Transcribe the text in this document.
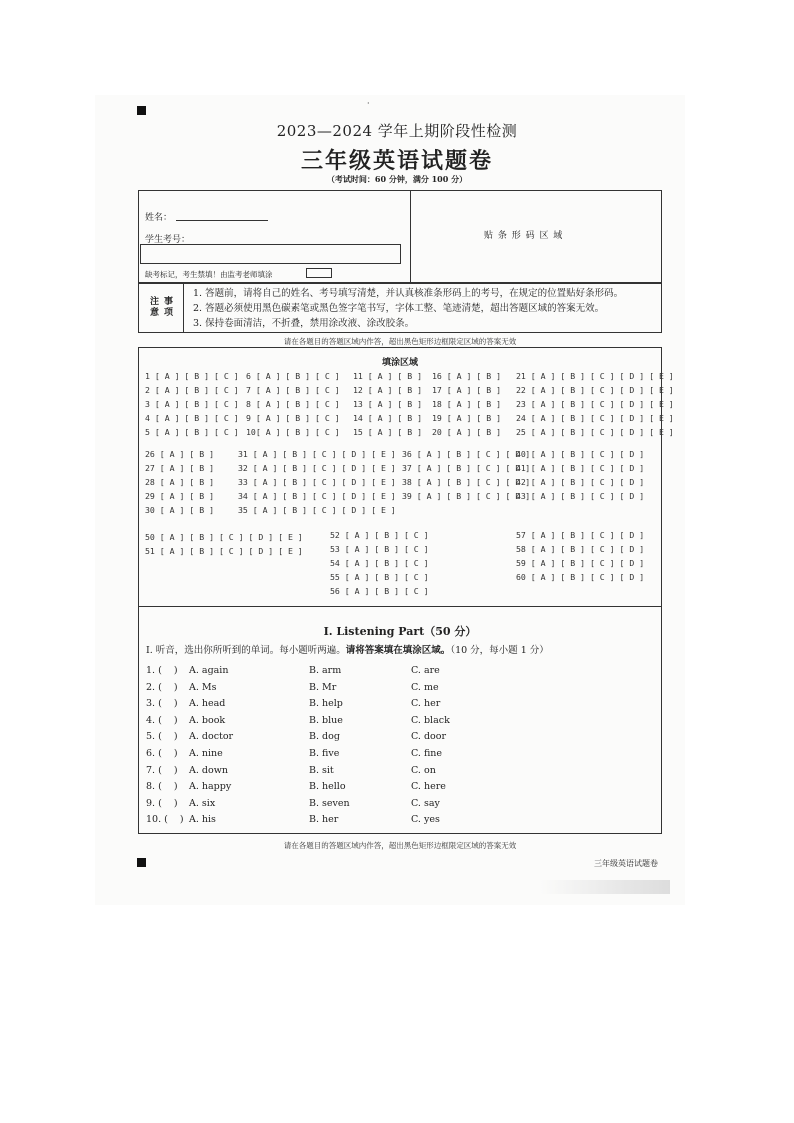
·
2023—2024 学年上期阶段性检测
三年级英语试题卷
（考试时间：60 分钟，满分 100 分）
姓名：
学生考号：
缺考标记，考生禁填！由监考老师填涂
贴 条 形 码 区 域
注
意
事
项
1. 答题前，请将自己的姓名、考号填写清楚，并认真核准条形码上的考号，在规定的位置贴好条形码。
2. 答题必须使用黑色碳素笔或黑色签字笔书写，字体工整、笔迹清楚，超出答题区域的答案无效。
3. 保持卷面清洁，不折叠，禁用涂改液、涂改胶条。
请在各题目的答题区域内作答，超出黑色矩形边框限定区域的答案无效
填涂区域
1 [ A ] [ B ] [ C ]
2 [ A ] [ B ] [ C ]
3 [ A ] [ B ] [ C ]
4 [ A ] [ B ] [ C ]
5 [ A ] [ B ] [ C ]
6 [ A ] [ B ] [ C ]
7 [ A ] [ B ] [ C ]
8 [ A ] [ B ] [ C ]
9 [ A ] [ B ] [ C ]
10[ A ] [ B ] [ C ]
11 [ A ] [ B ]
12 [ A ] [ B ]
13 [ A ] [ B ]
14 [ A ] [ B ]
15 [ A ] [ B ]
16 [ A ] [ B ]
17 [ A ] [ B ]
18 [ A ] [ B ]
19 [ A ] [ B ]
20 [ A ] [ B ]
21 [ A ] [ B ] [ C ] [ D ] [ E ]
22 [ A ] [ B ] [ C ] [ D ] [ E ]
23 [ A ] [ B ] [ C ] [ D ] [ E ]
24 [ A ] [ B ] [ C ] [ D ] [ E ]
25 [ A ] [ B ] [ C ] [ D ] [ E ]
26 [ A ] [ B ]
27 [ A ] [ B ]
28 [ A ] [ B ]
29 [ A ] [ B ]
30 [ A ] [ B ]
31 [ A ] [ B ] [ C ] [ D ] [ E ]
32 [ A ] [ B ] [ C ] [ D ] [ E ]
33 [ A ] [ B ] [ C ] [ D ] [ E ]
34 [ A ] [ B ] [ C ] [ D ] [ E ]
35 [ A ] [ B ] [ C ] [ D ] [ E ]
36 [ A ] [ B ] [ C ] [ D ]
37 [ A ] [ B ] [ C ] [ D ]
38 [ A ] [ B ] [ C ] [ D ]
39 [ A ] [ B ] [ C ] [ D ]
40 [ A ] [ B ] [ C ] [ D ]
41 [ A ] [ B ] [ C ] [ D ]
42 [ A ] [ B ] [ C ] [ D ]
43 [ A ] [ B ] [ C ] [ D ]
50 [ A ] [ B ] [ C ] [ D ] [ E ]
51 [ A ] [ B ] [ C ] [ D ] [ E ]
52 [ A ] [ B ] [ C ]
53 [ A ] [ B ] [ C ]
54 [ A ] [ B ] [ C ]
55 [ A ] [ B ] [ C ]
56 [ A ] [ B ] [ C ]
57 [ A ] [ B ] [ C ] [ D ]
58 [ A ] [ B ] [ C ] [ D ]
59 [ A ] [ B ] [ C ] [ D ]
60 [ A ] [ B ] [ C ] [ D ]
I. Listening Part（50 分）
I. 听音，选出你所听到的单词。每小题听两遍。请将答案填在填涂区域。（10 分，每小题 1 分）
1. (    ) A. again	B. arm	C. are
2. (    ) A. Ms	B. Mr	C. me
3. (    ) A. head	B. help	C. her
4. (    ) A. book	B. blue	C. black
5. (    ) A. doctor	B. dog	C. door
6. (    ) A. nine	B. five	C. fine
7. (    ) A. down	B. sit	C. on
8. (    ) A. happy	B. hello	C. here
9. (    ) A. six	B. seven	C. say
10. (    ) A. his	B. her	C. yes
请在各题目的答题区域内作答，超出黑色矩形边框限定区域的答案无效
三年级英语试题卷
